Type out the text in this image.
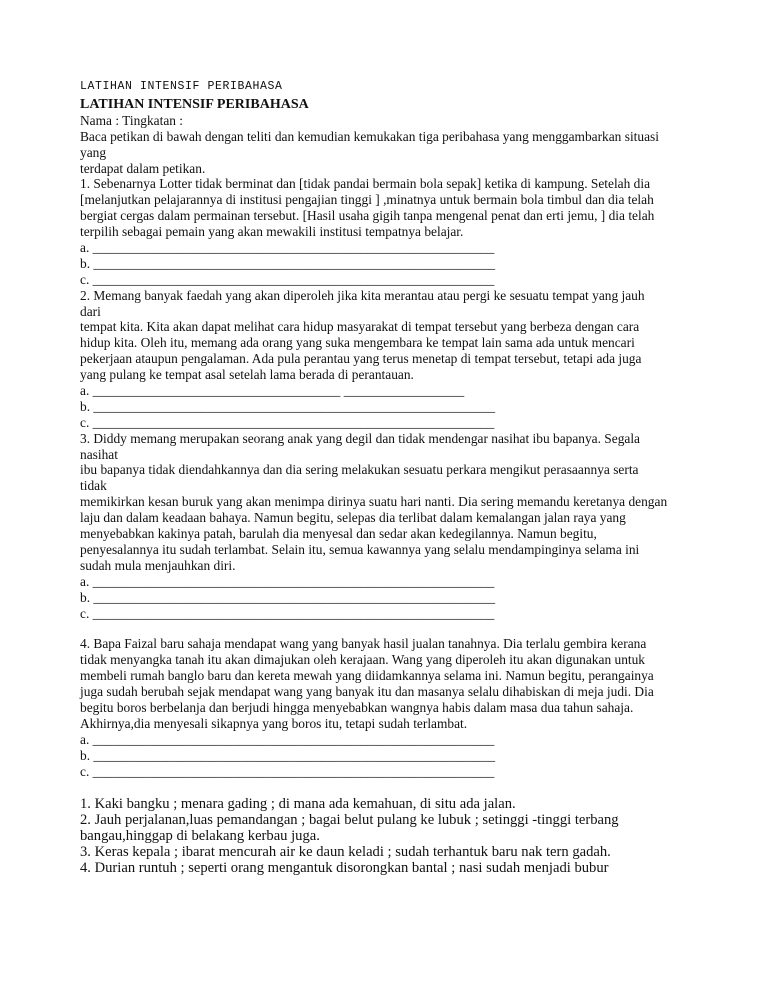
LATIHAN INTENSIF PERIBAHASA
LATIHAN INTENSIF PERIBAHASA
Nama : Tingkatan :
Baca petikan di bawah dengan teliti dan kemudian kemukakan tiga peribahasa yang menggambarkan situasi
yang
terdapat dalam petikan.
1. Sebenarnya Lotter tidak berminat dan [tidak pandai bermain bola sepak] ketika di kampung. Setelah dia
[melanjutkan pelajarannya di institusi pengajian tinggi ] ,minatnya untuk bermain bola timbul dan dia telah
bergiat cergas dalam permainan tersebut. [Hasil usaha gigih tanpa mengenal penat dan erti jemu, ] dia telah
terpilih sebagai pemain yang akan mewakili institusi tempatnya belajar.
a. ____________________________________________________________
b. ____________________________________________________________
c. ____________________________________________________________
2. Memang banyak faedah yang akan diperoleh jika kita merantau atau pergi ke sesuatu tempat yang jauh
dari
tempat kita. Kita akan dapat melihat cara hidup masyarakat di tempat tersebut yang berbeza dengan cara
hidup kita. Oleh itu, memang ada orang yang suka mengembara ke tempat lain sama ada untuk mencari
pekerjaan ataupun pengalaman. Ada pula perantau yang terus menetap di tempat tersebut, tetapi ada juga
yang pulang ke tempat asal setelah lama berada di perantauan.
a. _____________________________________ __________________
b. ____________________________________________________________
c. ____________________________________________________________
3. Diddy memang merupakan seorang anak yang degil dan tidak mendengar nasihat ibu bapanya. Segala
nasihat
ibu bapanya tidak diendahkannya dan dia sering melakukan sesuatu perkara mengikut perasaannya serta
tidak
memikirkan kesan buruk yang akan menimpa dirinya suatu hari nanti. Dia sering memandu keretanya dengan
laju dan dalam keadaan bahaya. Namun begitu, selepas dia terlibat dalam kemalangan jalan raya yang
menyebabkan kakinya patah, barulah dia menyesal dan sedar akan kedegilannya. Namun begitu,
penyesalannya itu sudah terlambat. Selain itu, semua kawannya yang selalu mendampinginya selama ini
sudah mula menjauhkan diri.
a. ____________________________________________________________
b. ____________________________________________________________
c. ____________________________________________________________
4. Bapa Faizal baru sahaja mendapat wang yang banyak hasil jualan tanahnya. Dia terlalu gembira kerana
tidak menyangka tanah itu akan dimajukan oleh kerajaan. Wang yang diperoleh itu akan digunakan untuk
membeli rumah banglo baru dan kereta mewah yang diidamkannya selama ini. Namun begitu, perangainya
juga sudah berubah sejak mendapat wang yang banyak itu dan masanya selalu dihabiskan di meja judi. Dia
begitu boros berbelanja dan berjudi hingga menyebabkan wangnya habis dalam masa dua tahun sahaja.
Akhirnya,dia menyesali sikapnya yang boros itu, tetapi sudah terlambat.
a. ____________________________________________________________
b. ____________________________________________________________
c. ____________________________________________________________
1. Kaki bangku ; menara gading ; di mana ada kemahuan, di situ ada jalan.
2. Jauh perjalanan,luas pemandangan ; bagai belut pulang ke lubuk ; setinggi -tinggi terbang
bangau,hinggap di belakang kerbau juga.
3. Keras kepala ; ibarat mencurah air ke daun keladi ; sudah terhantuk baru nak tern gadah.
4. Durian runtuh ; seperti orang mengantuk disorongkan bantal ; nasi sudah menjadi bubur
